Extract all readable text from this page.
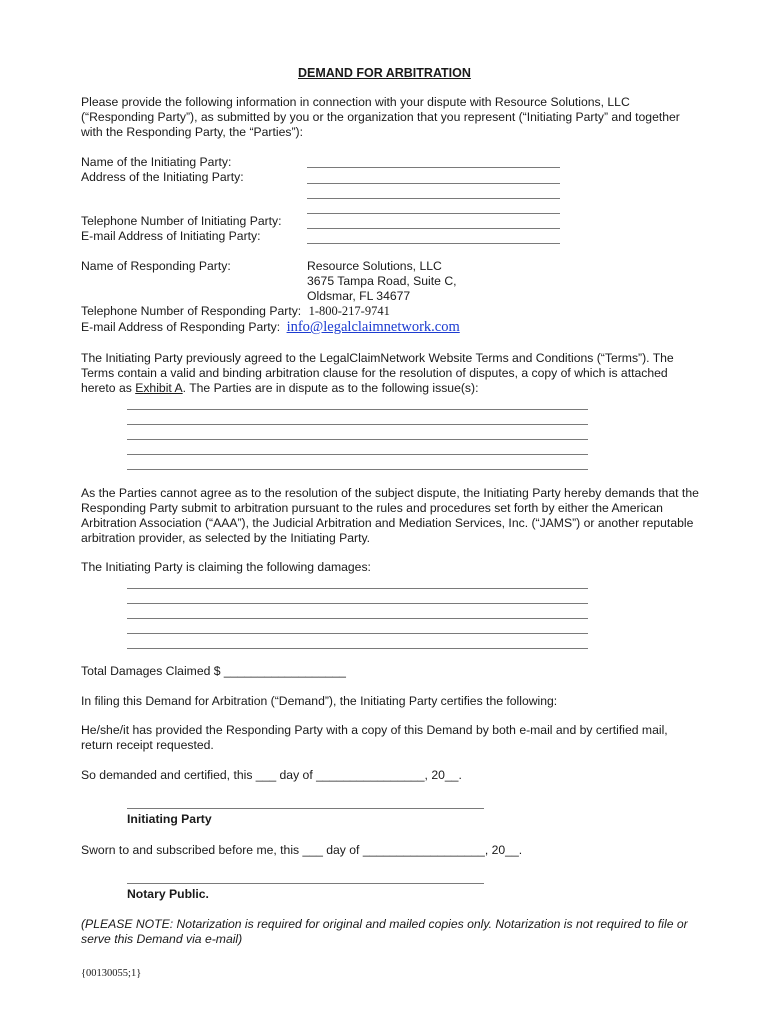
DEMAND FOR ARBITRATION
Please provide the following information in connection with your dispute with Resource Solutions, LLC (“Responding Party”), as submitted by you or the organization that you represent (“Initiating Party” and together with the Responding Party, the “Parties”):
Name of the Initiating Party:
Address of the Initiating Party:
Telephone Number of Initiating Party:
E-mail Address of Initiating Party:
Name of Responding Party:	Resource Solutions, LLC
3675 Tampa Road, Suite C,
Oldsmar, FL 34677
Telephone Number of Responding Party: 1-800-217-9741
E-mail Address of Responding Party: info@legalclaimnetwork.com
The Initiating Party previously agreed to the LegalClaimNetwork Website Terms and Conditions (“Terms”). The Terms contain a valid and binding arbitration clause for the resolution of disputes, a copy of which is attached hereto as Exhibit A. The Parties are in dispute as to the following issue(s):
As the Parties cannot agree as to the resolution of the subject dispute, the Initiating Party hereby demands that the Responding Party submit to arbitration pursuant to the rules and procedures set forth by either the American Arbitration Association (“AAA”), the Judicial Arbitration and Mediation Services, Inc. (“JAMS”) or another reputable arbitration provider, as selected by the Initiating Party.
The Initiating Party is claiming the following damages:
Total Damages Claimed $ __________________
In filing this Demand for Arbitration (“Demand”), the Initiating Party certifies the following:
He/she/it has provided the Responding Party with a copy of this Demand by both e-mail and by certified mail, return receipt requested.
So demanded and certified, this ___ day of ________________, 20__.
Initiating Party
Sworn to and subscribed before me, this ___ day of __________________, 20__.
Notary Public.
(PLEASE NOTE: Notarization is required for original and mailed copies only. Notarization is not required to file or serve this Demand via e-mail)
{00130055;1}
